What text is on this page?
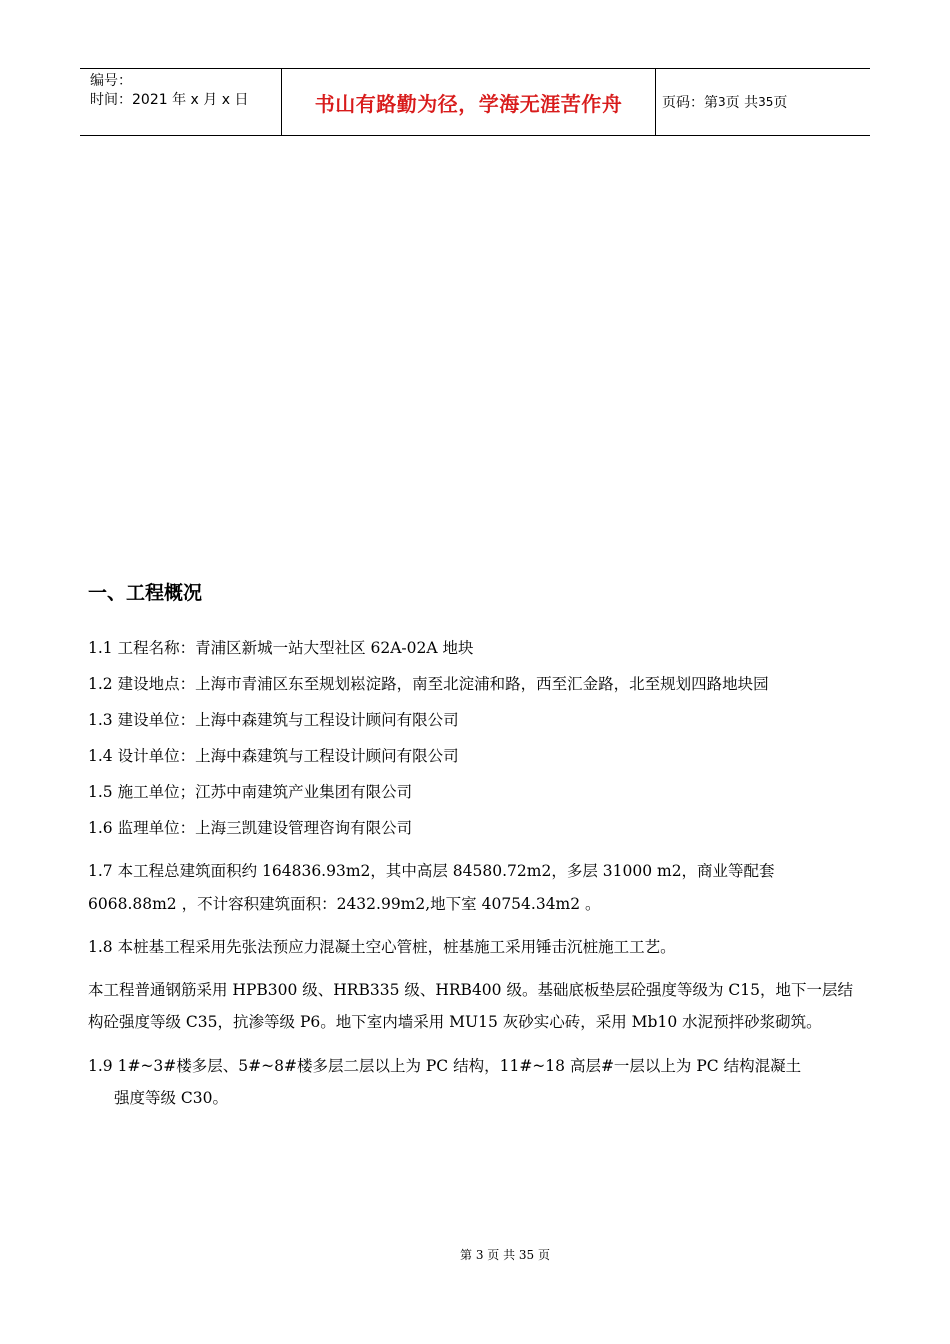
编号：
时间：2021 年 x 月 x 日	书山有路勤为径，学海无涯苦作舟	页码：第 3 页 共 35 页
一、工程概况

1.1 工程名称：青浦区新城一站大型社区 62A-02A 地块

1.2 建设地点：上海市青浦区东至规划崧淀路，南至北淀浦和路，西至汇金路，北至规划四路地块园

1.3 建设单位：上海中森建筑与工程设计顾问有限公司

1.4 设计单位：上海中森建筑与工程设计顾问有限公司

1.5 施工单位；江苏中南建筑产业集团有限公司

1.6 监理单位：上海三凯建设管理咨询有限公司

1.7 本工程总建筑面积约 164836.93m2，其中高层 84580.72m2，多层 31000 m2，商业等配套 6068.88m2 ，不计容积建筑面积：2432.99m2,地下室 40754.34m2 。

1.8 本桩基工程采用先张法预应力混凝土空心管桩，桩基施工采用锤击沉桩施工工艺。

本工程普通钢筋采用 HPB300 级、HRB335 级、HRB400 级。基础底板垫层砼强度等级为 C15，地下一层结构砼强度等级 C35，抗渗等级 P6。地下室内墙采用 MU15 灰砂实心砖，采用 Mb10 水泥预拌砂浆砌筑。

1.9 1#~3#楼多层、5#~8#楼多层二层以上为 PC 结构，11#~18 高层#一层以上为 PC 结构混凝土

强度等级 C30。

第 3 页 共 35 页
